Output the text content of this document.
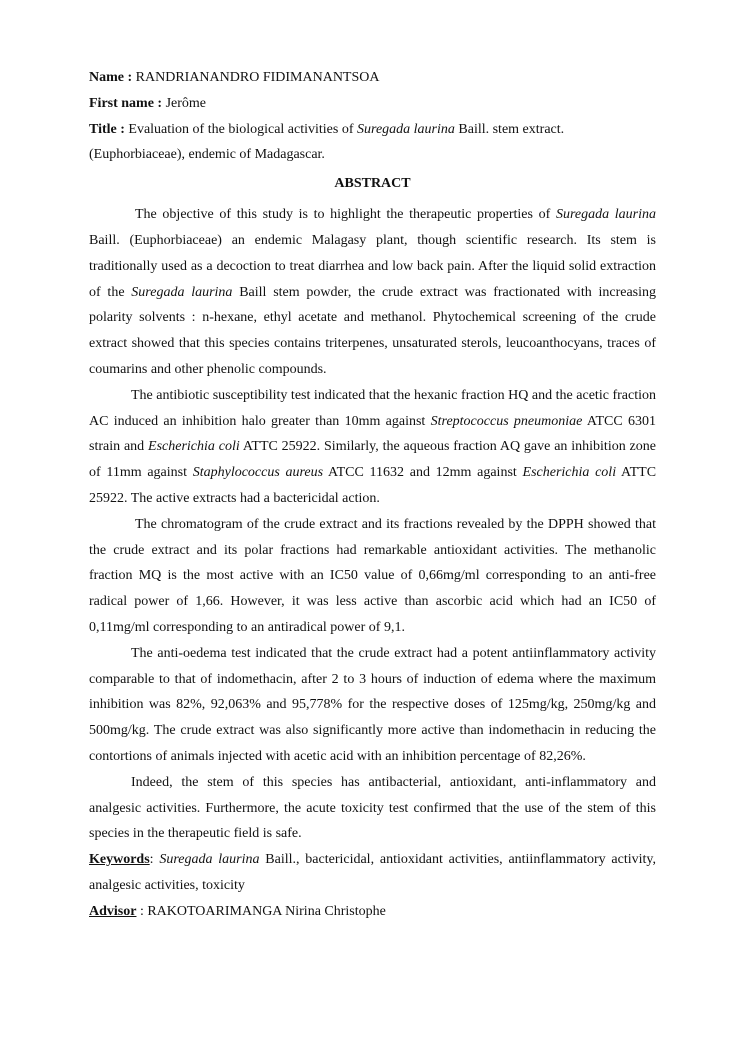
Name : RANDRIANANDRO FIDIMANANTSOA

First name : Jerôme

Title : Evaluation of the biological activities of Suregada laurina Baill. stem extract.

(Euphorbiaceae), endemic of Madagascar.

ABSTRACT

The objective of this study is to highlight the therapeutic properties of Suregada laurina Baill. (Euphorbiaceae) an endemic Malagasy plant, though scientific research. Its stem is traditionally used as a decoction to treat diarrhea and low back pain. After the liquid solid extraction of the Suregada laurina Baill stem powder, the crude extract was fractionated with increasing polarity solvents : n-hexane, ethyl acetate and methanol. Phytochemical screening of the crude extract showed that this species contains triterpenes, unsaturated sterols, leucoanthocyans, traces of coumarins and other phenolic compounds.

The antibiotic susceptibility test indicated that the hexanic fraction HQ and the acetic fraction AC induced an inhibition halo greater than 10mm against Streptococcus pneumoniae ATCC 6301 strain and Escherichia coli ATTC 25922. Similarly, the aqueous fraction AQ gave an inhibition zone of 11mm against Staphylococcus aureus ATCC 11632 and 12mm against Escherichia coli ATTC 25922. The active extracts had a bactericidal action.

The chromatogram of the crude extract and its fractions revealed by the DPPH showed that the crude extract and its polar fractions had remarkable antioxidant activities. The methanolic fraction MQ is the most active with an IC50 value of 0,66mg/ml corresponding to an anti-free radical power of 1,66. However, it was less active than ascorbic acid which had an IC50 of 0,11mg/ml corresponding to an antiradical power of 9,1.

The anti-oedema test indicated that the crude extract had a potent antiinflammatory activity comparable to that of indomethacin, after 2 to 3 hours of induction of edema where the maximum inhibition was 82%, 92,063% and 95,778% for the respective doses of 125mg/kg, 250mg/kg and 500mg/kg. The crude extract was also significantly more active than indomethacin in reducing the contortions of animals injected with acetic acid with an inhibition percentage of 82,26%.

Indeed, the stem of this species has antibacterial, antioxidant, anti-inflammatory and analgesic activities. Furthermore, the acute toxicity test confirmed that the use of the stem of this species in the therapeutic field is safe.

Keywords: Suregada laurina Baill., bactericidal, antioxidant activities, antiinflammatory activity, analgesic activities, toxicity

Advisor : RAKOTOARIMANGA Nirina Christophe
